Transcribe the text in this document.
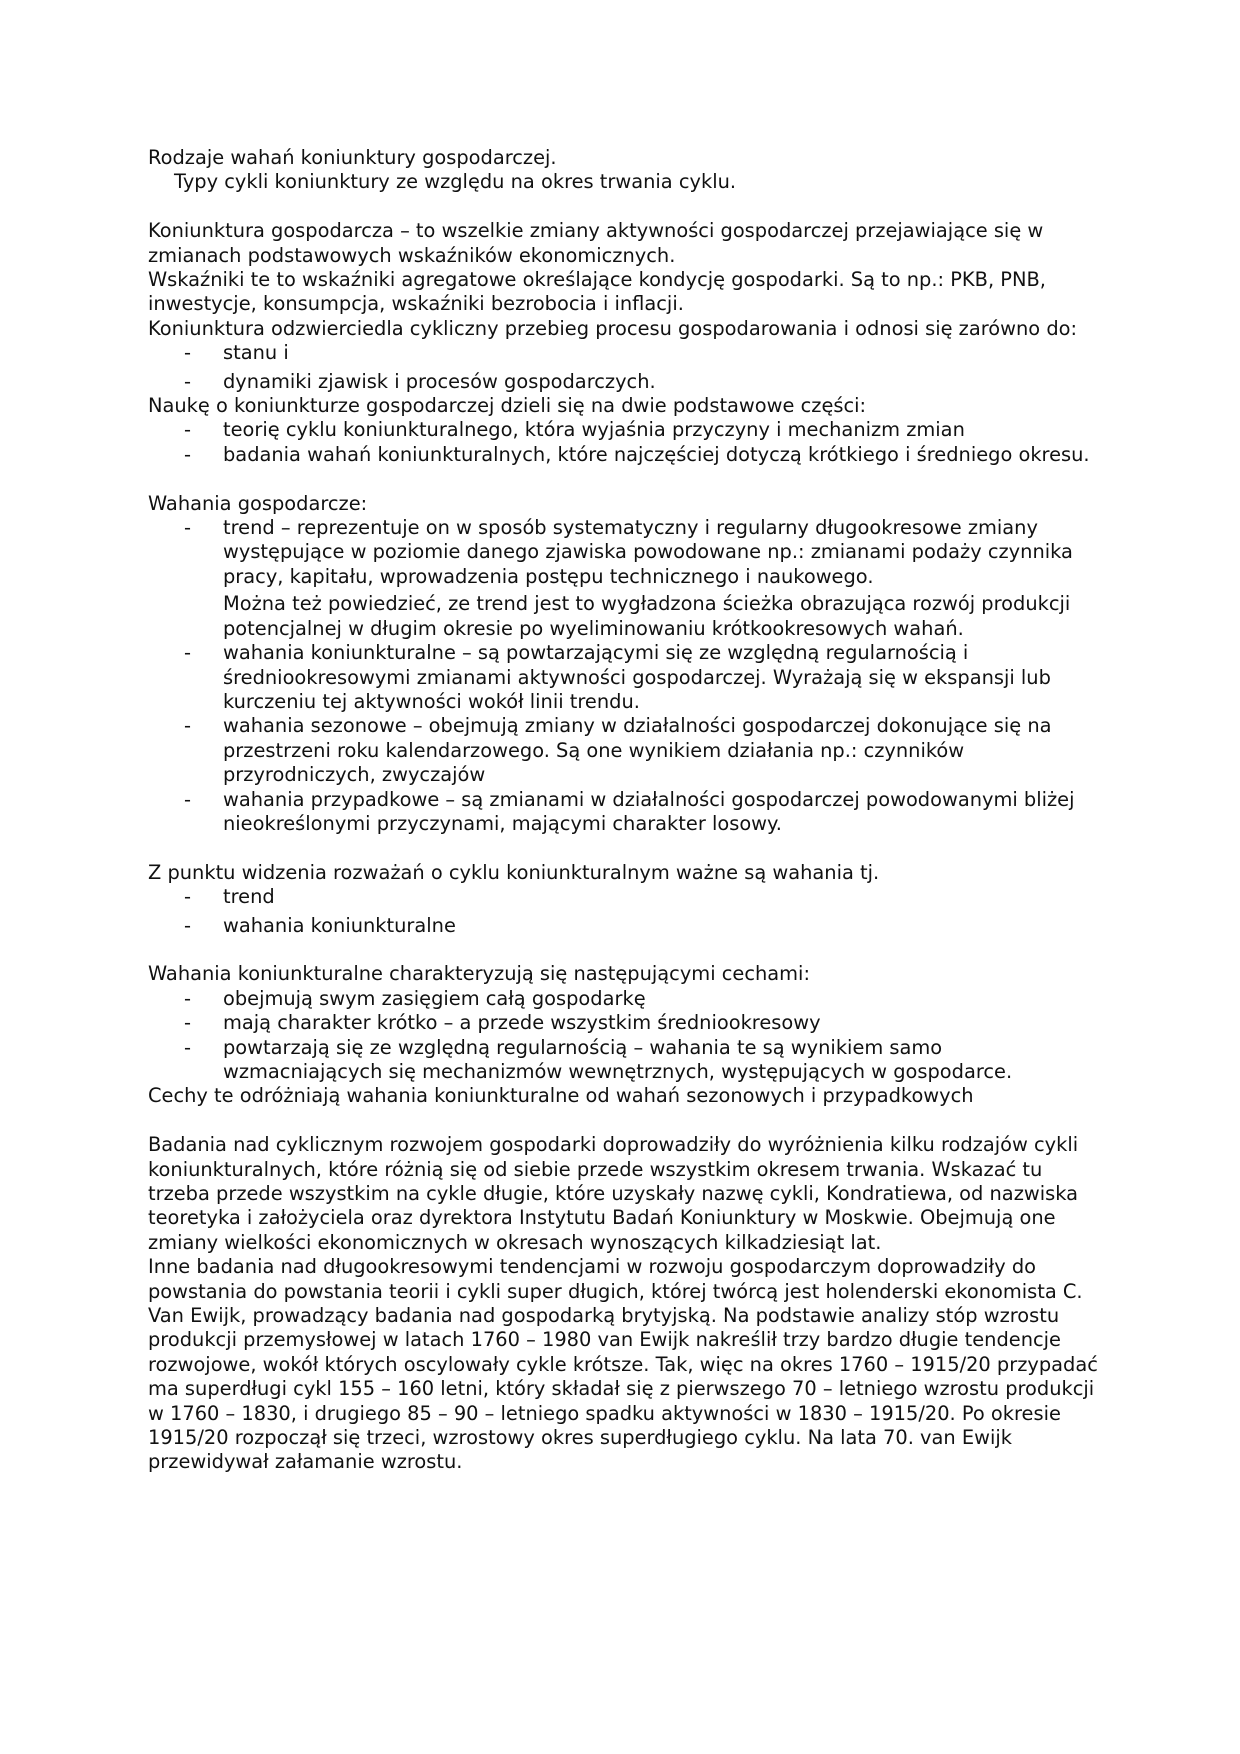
Rodzaje wahań koniunktury gospodarczej.
Typy cykli koniunktury ze względu na okres trwania cyklu.
Koniunktura gospodarcza – to wszelkie zmiany aktywności gospodarczej przejawiające się w zmianach podstawowych wskaźników ekonomicznych.
Wskaźniki te to wskaźniki agregatowe określające kondycję gospodarki. Są to np.: PKB, PNB, inwestycje, konsumpcja, wskaźniki bezrobocia i inflacji.
Koniunktura odzwierciedla cykliczny przebieg procesu gospodarowania i odnosi się zarówno do:
- stanu i
- dynamiki zjawisk i procesów gospodarczych.
Naukę o koniunkturze gospodarczej dzieli się na dwie podstawowe części:
- teorię cyklu koniunkturalnego, która wyjaśnia przyczyny i mechanizm zmian
- badania wahań koniunkturalnych, które najczęściej dotyczą krótkiego i średniego okresu.
Wahania gospodarcze:
- trend – reprezentuje on w sposób systematyczny i regularny długookresowe zmiany występujące w poziomie danego zjawiska powodowane np.: zmianami podaży czynnika pracy, kapitału, wprowadzenia postępu technicznego i naukowego.
Można też powiedzieć, ze trend jest to wygładzona ścieżka obrazująca rozwój produkcji potencjalnej w długim okresie po wyeliminowaniu krótkookresowych wahań.
- wahania koniunkturalne – są powtarzającymi się ze względną regularnością i średniookresowymi zmianami aktywności gospodarczej. Wyrażają się w ekspansji lub kurczeniu tej aktywności wokół linii trendu.
- wahania sezonowe – obejmują zmiany w działalności gospodarczej dokonujące się na przestrzeni roku kalendarzowego. Są one wynikiem działania np.: czynników przyrodniczych, zwyczajów
- wahania przypadkowe – są zmianami w działalności gospodarczej powodowanymi bliżej nieokreślonymi przyczynami, mającymi charakter losowy.
Z punktu widzenia rozważań o cyklu koniunkturalnym ważne są wahania tj.
- trend
- wahania koniunkturalne
Wahania koniunkturalne charakteryzują się następującymi cechami:
- obejmują swym zasięgiem całą gospodarkę
- mają charakter krótko – a przede wszystkim średniookresowy
- powtarzają się ze względną regularnością – wahania te są wynikiem samo wzmacniających się mechanizmów wewnętrznych, występujących w gospodarce.
Cechy te odróżniają wahania koniunkturalne od wahań sezonowych i przypadkowych
Badania nad cyklicznym rozwojem gospodarki doprowadziły do wyróżnienia kilku rodzajów cykli koniunkturalnych, które różnią się od siebie przede wszystkim okresem trwania. Wskazać tu trzeba przede wszystkim na cykle długie, które uzyskały nazwę cykli, Kondratiewa, od nazwiska teoretyka i założyciela oraz dyrektora Instytutu Badań Koniunktury w Moskwie. Obejmują one zmiany wielkości ekonomicznych w okresach wynoszących kilkadziesiąt lat.
Inne badania nad długookresowymi tendencjami w rozwoju gospodarczym doprowadziły do powstania do powstania teorii i cykli super długich, której twórcą jest holenderski ekonomista C. Van Ewijk, prowadzący badania nad gospodarką brytyjską. Na podstawie analizy stóp wzrostu produkcji przemysłowej w latach 1760 – 1980 van Ewijk nakreślił trzy bardzo długie tendencje rozwojowe, wokół których oscylowały cykle krótsze. Tak, więc na okres 1760 – 1915/20 przypadać ma superdługi cykl 155 – 160 letni, który składał się z pierwszego 70 – letniego wzrostu produkcji w 1760 – 1830, i drugiego 85 – 90 – letniego spadku aktywności w 1830 – 1915/20. Po okresie 1915/20 rozpoczął się trzeci, wzrostowy okres superdługiego cyklu. Na lata 70. van Ewijk przewidywał załamanie wzrostu.
